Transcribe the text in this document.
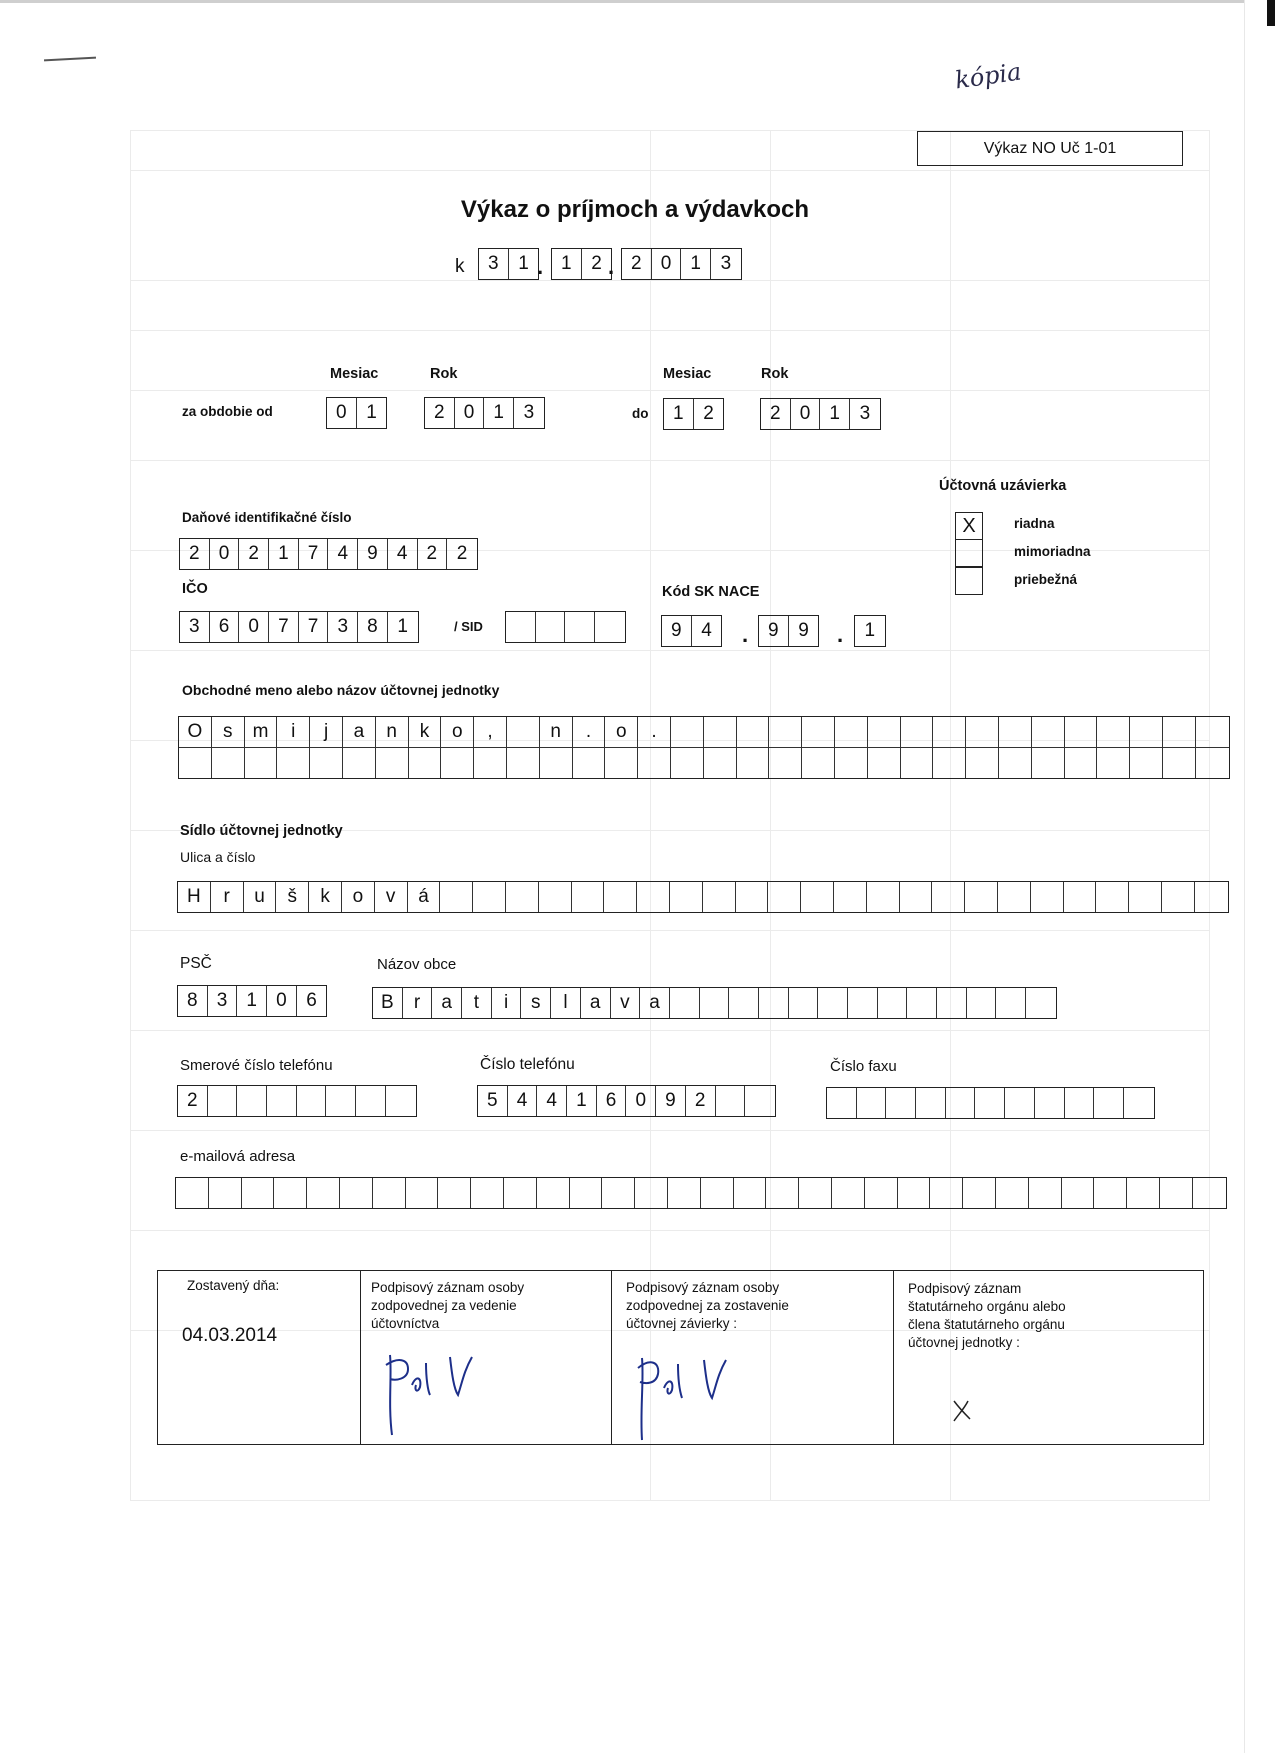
kópia
Výkaz NO Uč 1-01
Výkaz o príjmoch a výdavkoch
k	3	1 . 1	2 . 2	0	1	3
Mesiac	Rok	Mesiac	Rok
za obdobie od	0	1	2	0	1	3	do	1	2	2	0	1	3
Účtovná uzávierka
X	riadna
mimoriadna
priebežná
Daňové identifikačné číslo
2	0	2	1	7	4	9	4	2	2
IČO
3	6	0	7	7	3	8	1	/ SID
Kód SK NACE
9	4	.	9	9	.	1
Obchodné meno alebo názov účtovnej jednotky
O	s	m	i	j	a	n	k	o	,	n	.	o	.
Sídlo účtovnej jednotky
Ulica a číslo
H	r	u	š	k	o	v	á
PSČ
8	3	1	0	6
Názov obce
B	r	a	t	i	s	l	a	v	a
Smerové číslo telefónu
2
Číslo telefónu
5	4	4	1	6	0	9	2
Číslo faxu
e-mailová adresa
Zostavený dňa:
04.03.2014
Podpisový záznam osoby zodpovednej za vedenie účtovníctva
Podpisový záznam osoby zodpovednej za zostavenie účtovnej závierky :
Podpisový záznam štatutárneho orgánu alebo člena štatutárneho orgánu účtovnej jednotky :
